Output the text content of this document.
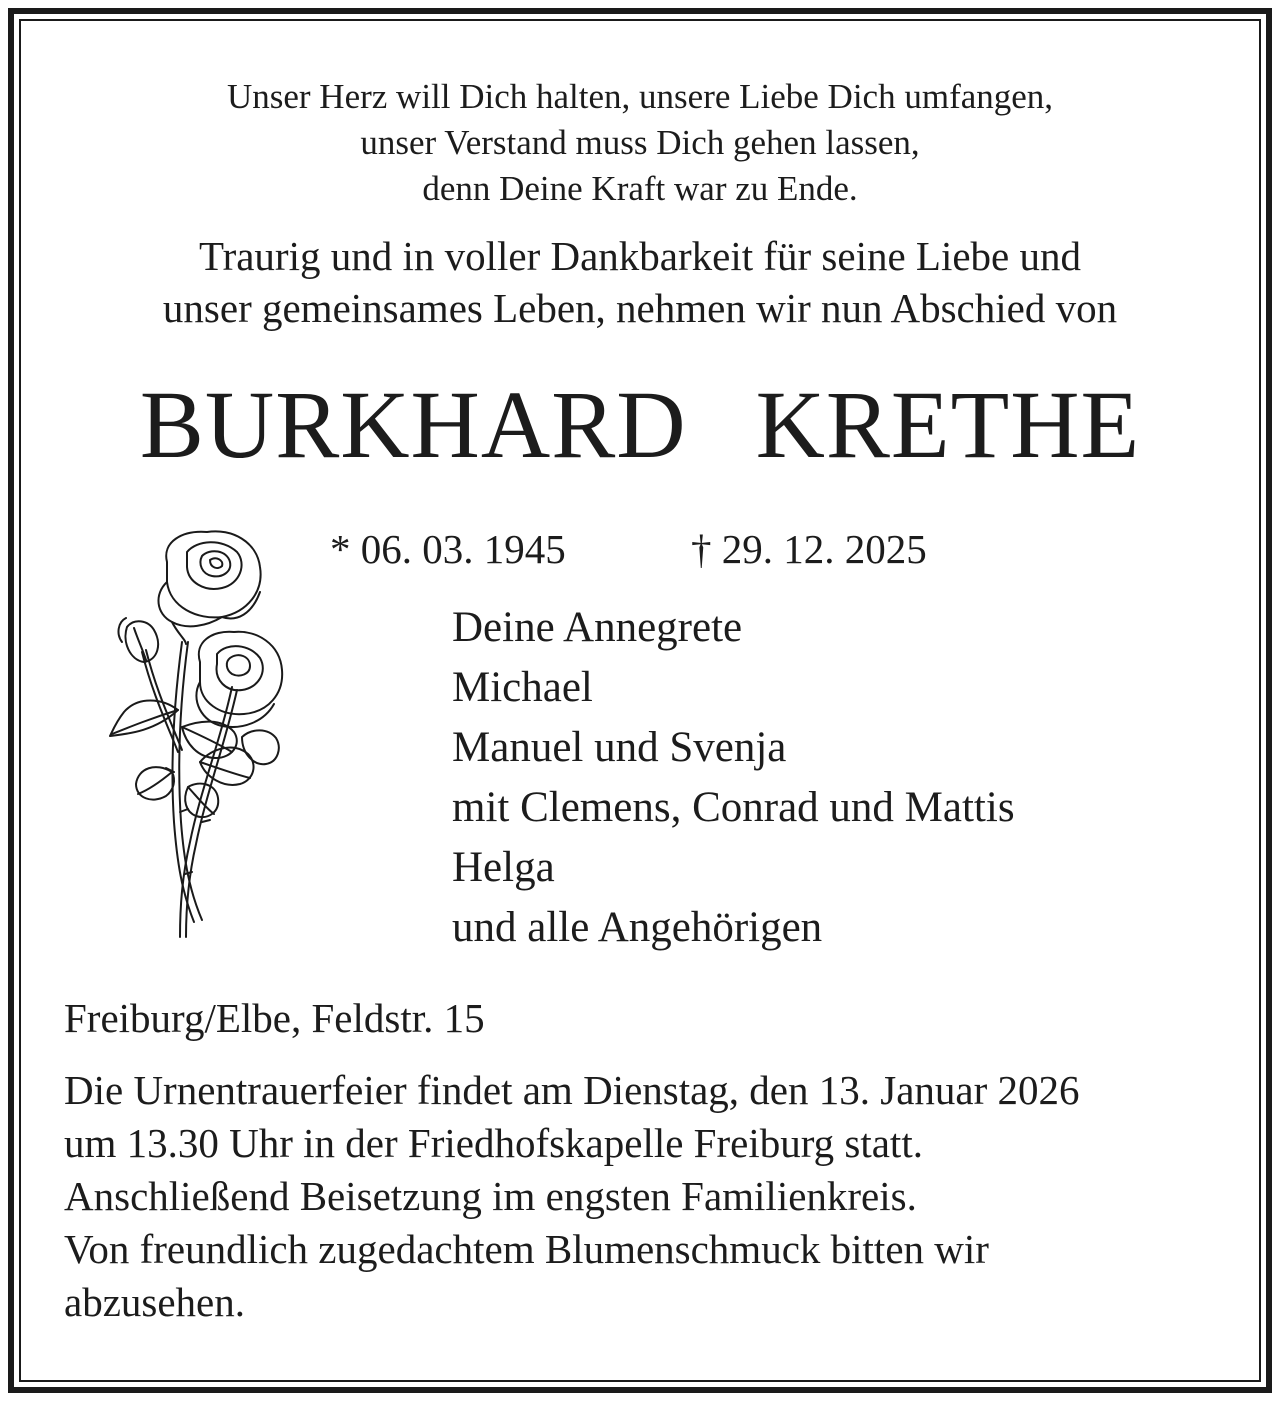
Unser Herz will Dich halten, unsere Liebe Dich umfangen,
unser Verstand muss Dich gehen lassen,
denn Deine Kraft war zu Ende.
Traurig und in voller Dankbarkeit für seine Liebe und
unser gemeinsames Leben, nehmen wir nun Abschied von
BURKHARD KRETHE
* 06. 03. 1945	† 29. 12. 2025
Deine Annegrete
Michael
Manuel und Svenja
mit Clemens, Conrad und Mattis
Helga
und alle Angehörigen
Freiburg/Elbe, Feldstr. 15
Die Urnentrauerfeier findet am Dienstag, den 13. Januar 2026
um 13.30 Uhr in der Friedhofskapelle Freiburg statt.
Anschließend Beisetzung im engsten Familienkreis.
Von freundlich zugedachtem Blumenschmuck bitten wir
abzusehen.
